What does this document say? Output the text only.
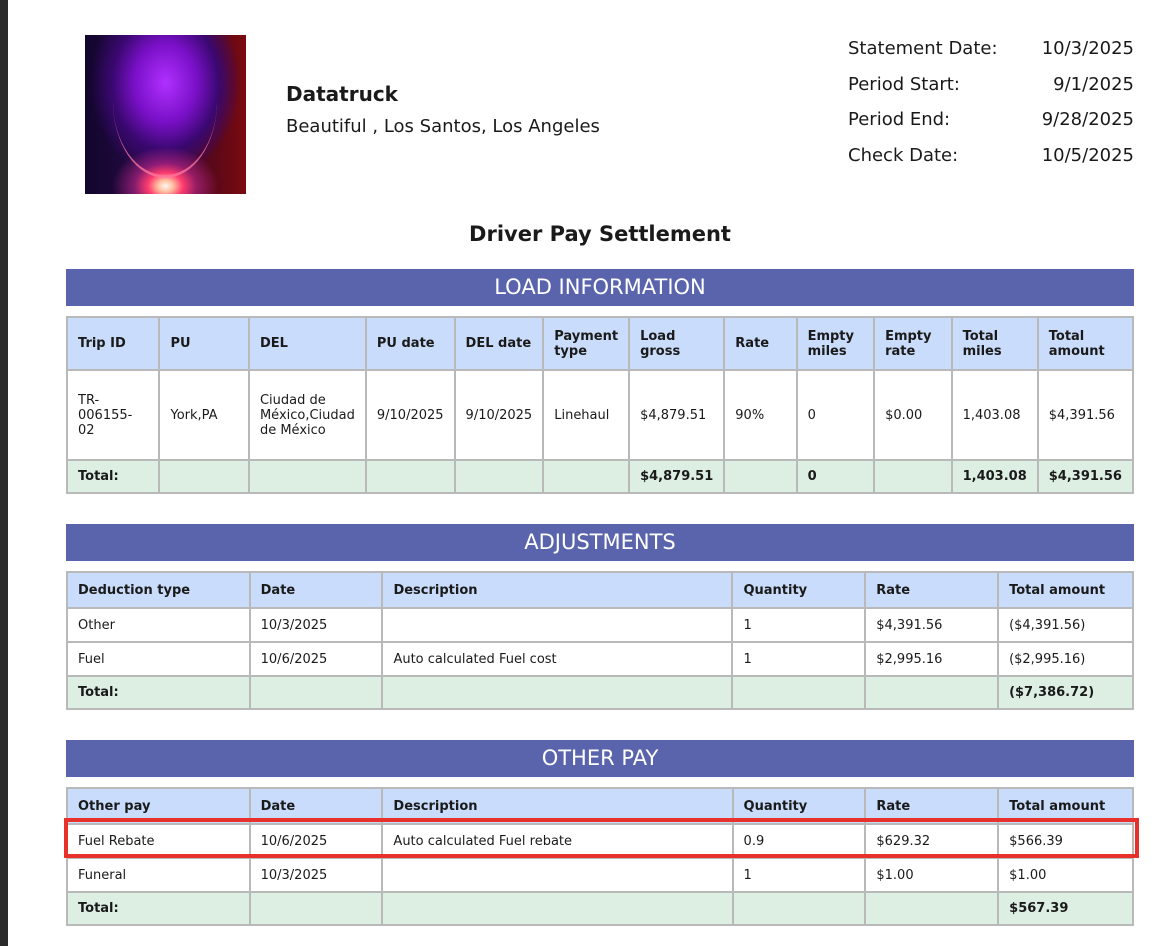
Datatruck
Beautiful , Los Santos, Los Angeles
Statement Date: 10/3/2025
Period Start:	9/1/2025
Period End:	9/28/2025
Check Date:	10/5/2025
Driver Pay Settlement
LOAD INFORMATION
Trip ID	PU	DEL	PU date	DEL date	Payment type	Load gross	Rate	Empty miles	Empty rate	Total miles	Total amount
TR-006155-02	York,PA	Ciudad de México,Ciudad de México	9/10/2025	9/10/2025	Linehaul	$4,879.51	90%	0	$0.00	1,403.08	$4,391.56
Total:						$4,879.51		0		1,403.08	$4,391.56
ADJUSTMENTS
Deduction type	Date	Description	Quantity	Rate	Total amount
Other	10/3/2025		1	$4,391.56	($4,391.56)
Fuel	10/6/2025	Auto calculated Fuel cost	1	$2,995.16	($2,995.16)
Total:					($7,386.72)
OTHER PAY
Other pay	Date	Description	Quantity	Rate	Total amount
Fuel Rebate	10/6/2025	Auto calculated Fuel rebate	0.9	$629.32	$566.39
Funeral	10/3/2025		1	$1.00	$1.00
Total:					$567.39
